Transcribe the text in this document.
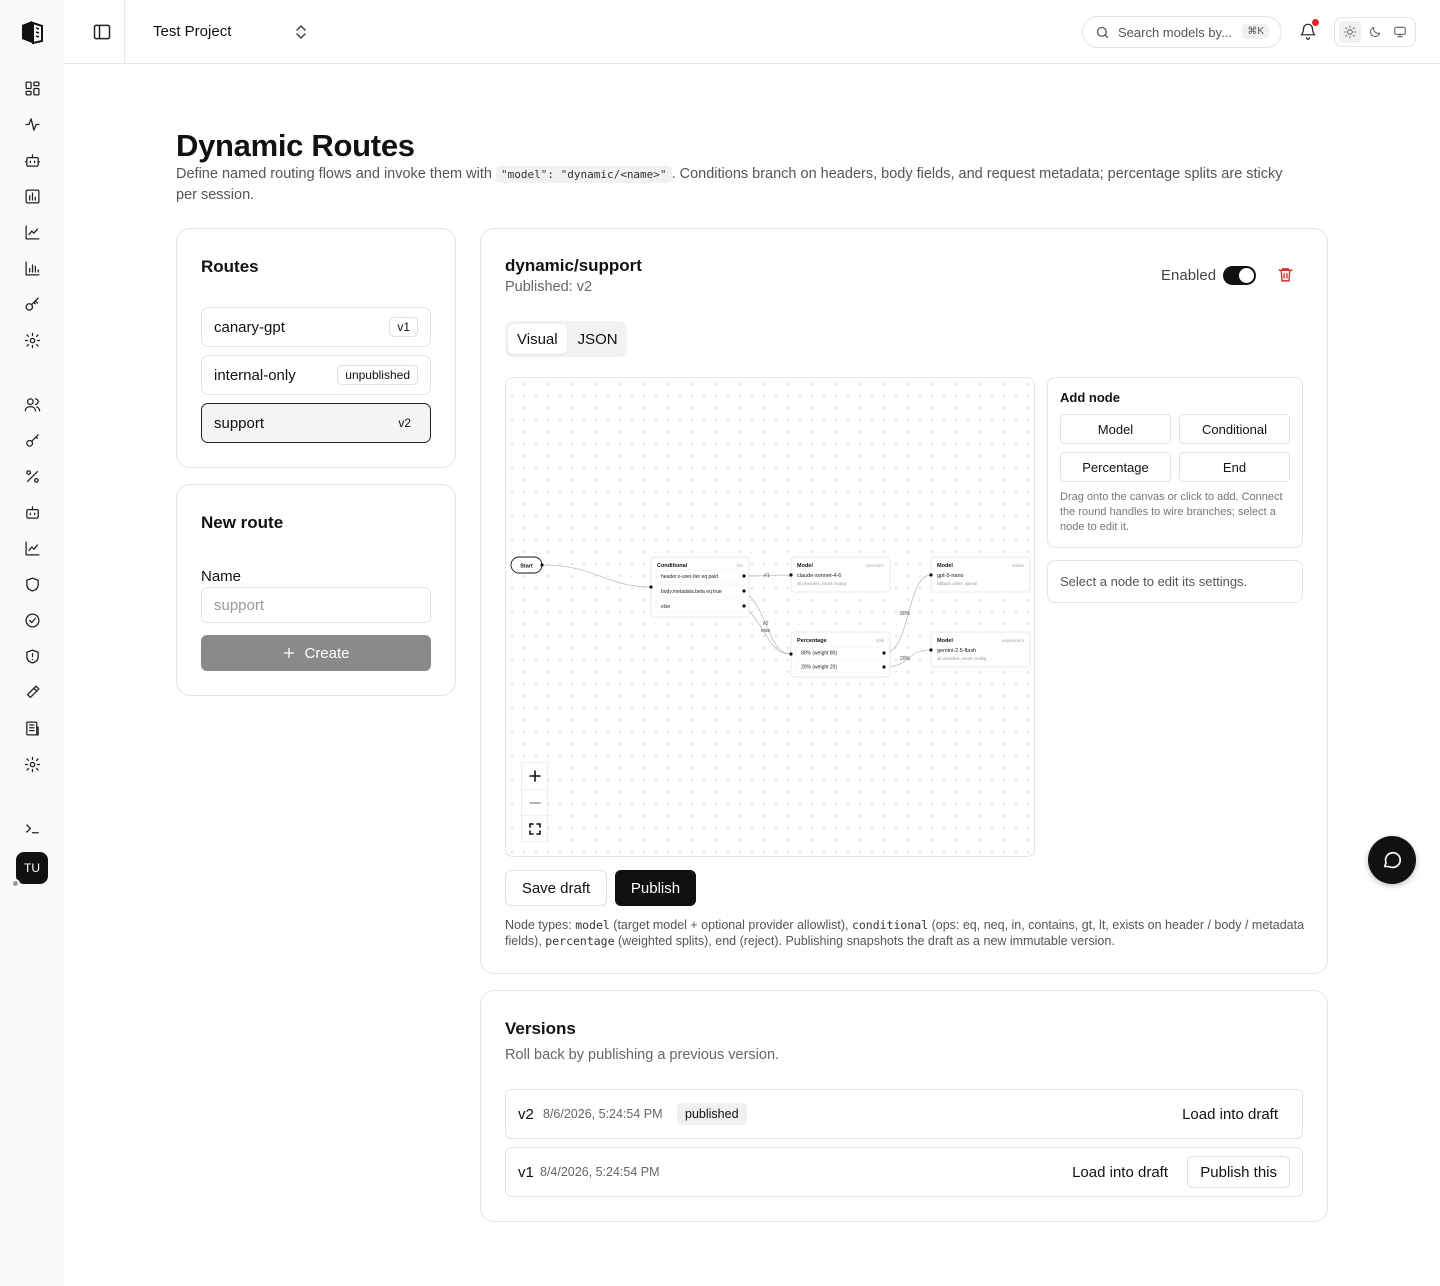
TU
Test Project	Search models by...	⌘K
Dynamic Routes

Define named routing flows and invoke them with "model": "dynamic/<name>" . Conditions branch on headers, body fields, and request metadata; percentage splits are sticky per session.

Routes
canary-gpt	v1
internal-only	unpublished
support	v2
New route
Name
support
Create
dynamic/support
Published: v2
Enabled
Visual	JSON
#1
#2
else
80%
20%
Start	Conditional	fan
header.x-user-tier eq paid
body.metadata.beta eq true
else
Model	premium
claude-sonnet-4-6
all providers, smart routing
Model	stable
gpt-5-nano
fallback order: openai
Percentage	split
80% (weight 80)
20% (weight 20)
Model	experiment
gemini-2.5-flash
all providers, smart routing
Add node
Model	Conditional
Percentage	End
Drag onto the canvas or click to add. Connect the round handles to wire branches; select a node to edit it.
Select a node to edit its settings.
Save draft	Publish
Node types: model (target model + optional provider allowlist), conditional (ops: eq, neq, in, contains, gt, lt, exists on header / body / metadata fields), percentage (weighted splits), end (reject). Publishing snapshots the draft as a new immutable version.
Versions
Roll back by publishing a previous version.
v2 8/6/2026, 5:24:54 PM	published	Load into draft
v1 8/4/2026, 5:24:54 PM	Load into draft	Publish this
